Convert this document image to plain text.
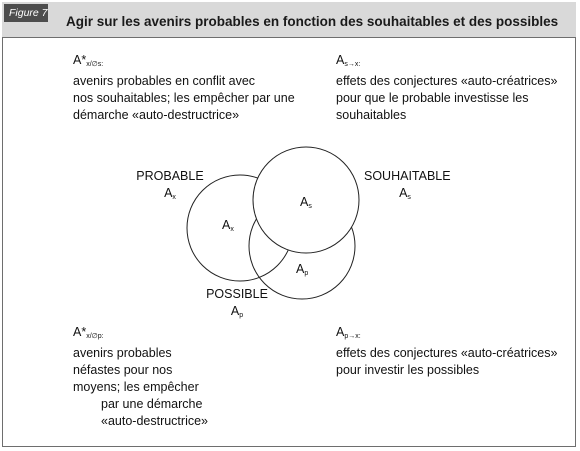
Figure 7
Agir sur les avenirs probables en fonction des souhaitables et des possibles
$A*_{x/\emptyset s:}$
avenirs probables en conflit avec
nos souhaitables; les empêcher par une
démarche «auto-destructrice»
$A_{s\to x:}$
effets des conjectures «auto-créatrices»
pour que le probable investisse les
souhaitables
$A_x$
$A_s$
$A_p$
PROBABLE
$A_x$
SOUHAITABLE
$A_s$
POSSIBLE
$A_p$
$A*_{x/\emptyset p:}$
avenirs probables
néfastes pour nos
moyens; les empêcher
par une démarche
«auto-destructrice»
$A_{p\to x:}$
effets des conjectures «auto-créatrices»
pour investir les possibles
